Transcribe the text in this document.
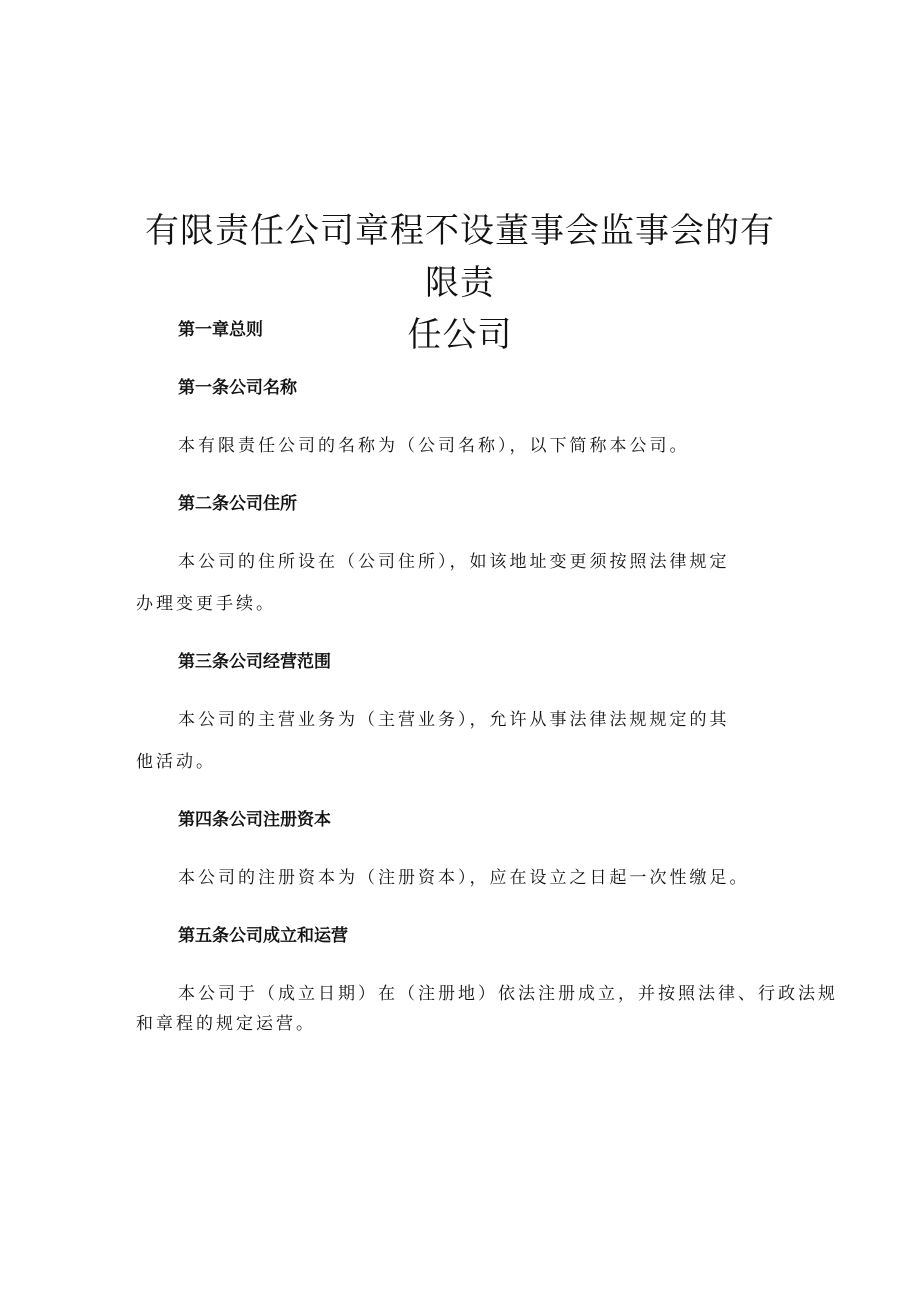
有限责任公司章程不设董事会监事会的有限责
任公司

第一章总则

第一条公司名称

本有限责任公司的名称为（公司名称），以下简称本公司。

第二条公司住所

本公司的住所设在（公司住所），如该地址变更须按照法律规定

办理变更手续。

第三条公司经营范围

本公司的主营业务为（主营业务），允许从事法律法规规定的其

他活动。

第四条公司注册资本

本公司的注册资本为（注册资本），应在设立之日起一次性缴足。

第五条公司成立和运营

本公司于（成立日期）在（注册地）依法注册成立，并按照法律、行政法规

和章程的规定运营。
